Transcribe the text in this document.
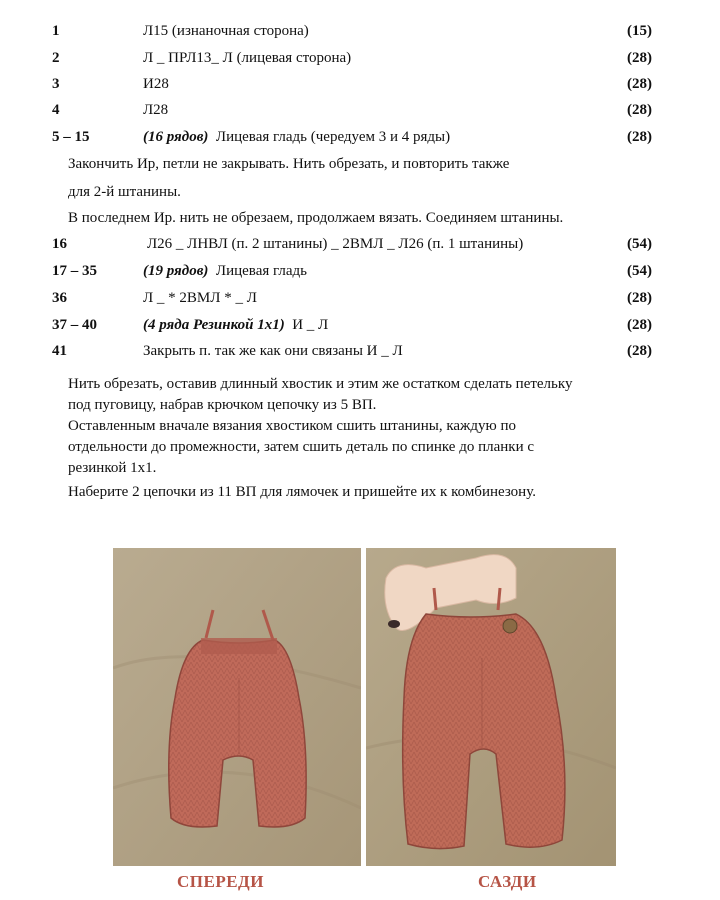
1	Л15 (изнаночная сторона)	(15)
2	Л _ ПРЛ13_ Л (лицевая сторона)	(28)
3	И28	(28)
4	Л28	(28)
5 – 15	(16 рядов) Лицевая гладь (чередуем 3 и 4 ряды)	(28)
Закончить Ир, петли не закрывать. Нить обрезать, и повторить также
для 2-й штанины.
В последнем Ир. нить не обрезаем, продолжаем вязать. Соединяем штанины.
16	Л26 _ ЛНВЛ (п. 2 штанины) _ 2ВМЛ _ Л26 (п. 1 штанины)	(54)
17 – 35	(19 рядов) Лицевая гладь	(54)
36	Л _ * 2ВМЛ * _ Л	(28)
37 – 40	(4 ряда Резинкой 1х1) И _ Л	(28)
41	Закрыть п. так же как они связаны И _ Л	(28)
Нить обрезать, оставив длинный хвостик и этим же остатком сделать петельку
под пуговицу, набрав крючком цепочку из 5 ВП.
Оставленным вначале вязания хвостиком сшить штанины, каждую по
отдельности до промежности, затем сшить деталь по спинке до планки с
резинкой 1х1.
Наберите 2 цепочки из 11 ВП для лямочек и пришейте их к комбинезону.
СПЕРЕДИ	САЗДИ
